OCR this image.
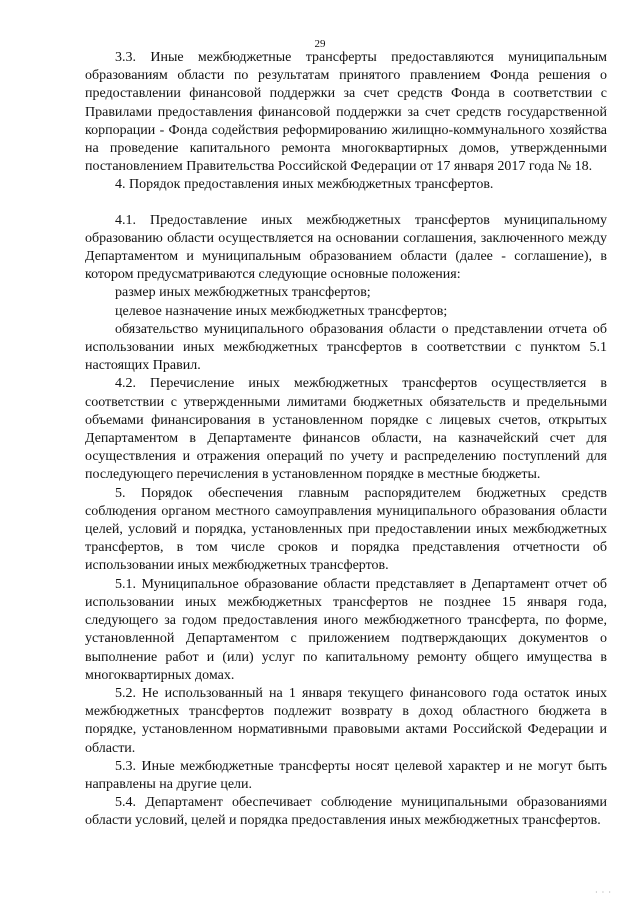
29

3.3. Иные межбюджетные трансферты предоставляются муниципальным образованиям области по результатам принятого правлением Фонда решения о предоставлении финансовой поддержки за счет средств Фонда в соответствии с Правилами предоставления финансовой поддержки за счет средств государственной корпорации - Фонда содействия реформированию жилищно-коммунального хозяйства на проведение капитального ремонта многоквартирных домов, утвержденными постановлением Правительства Российской Федерации от 17 января 2017 года № 18.

4. Порядок предоставления иных межбюджетных трансфертов.

4.1. Предоставление иных межбюджетных трансфертов муниципальному образованию области осуществляется на основании соглашения, заключенного между Департаментом и муниципальным образованием области (далее - соглашение), в котором предусматриваются следующие основные положения:

размер иных межбюджетных трансфертов;

целевое назначение иных межбюджетных трансфертов;

обязательство муниципального образования области о представлении отчета об использовании иных межбюджетных трансфертов в соответствии с пунктом 5.1 настоящих Правил.

4.2. Перечисление иных межбюджетных трансфертов осуществляется в соответствии с утвержденными лимитами бюджетных обязательств и предельными объемами финансирования в установленном порядке с лицевых счетов, открытых Департаментом в Департаменте финансов области, на казначейский счет для осуществления и отражения операций по учету и распределению поступлений для последующего перечисления в установленном порядке в местные бюджеты.

5. Порядок обеспечения главным распорядителем бюджетных средств соблюдения органом местного самоуправления муниципального образования области целей, условий и порядка, установленных при предоставлении иных межбюджетных трансфертов, в том числе сроков и порядка представления отчетности об использовании иных межбюджетных трансфертов.

5.1. Муниципальное образование области представляет в Департамент отчет об использовании иных межбюджетных трансфертов не позднее 15 января года, следующего за годом предоставления иного межбюджетного трансферта, по форме, установленной Департаментом с приложением подтверждающих документов о выполнение работ и (или) услуг по капитальному ремонту общего имущества в многоквартирных домах.

5.2. Не использованный на 1 января текущего финансового года остаток иных межбюджетных трансфертов подлежит возврату в доход областного бюджета в порядке, установленном нормативными правовыми актами Российской Федерации и области.

5.3. Иные межбюджетные трансферты носят целевой характер и не могут быть направлены на другие цели.

5.4. Департамент обеспечивает соблюдение муниципальными образованиями области условий, целей и порядка предоставления иных межбюджетных трансфертов.

· · ·
